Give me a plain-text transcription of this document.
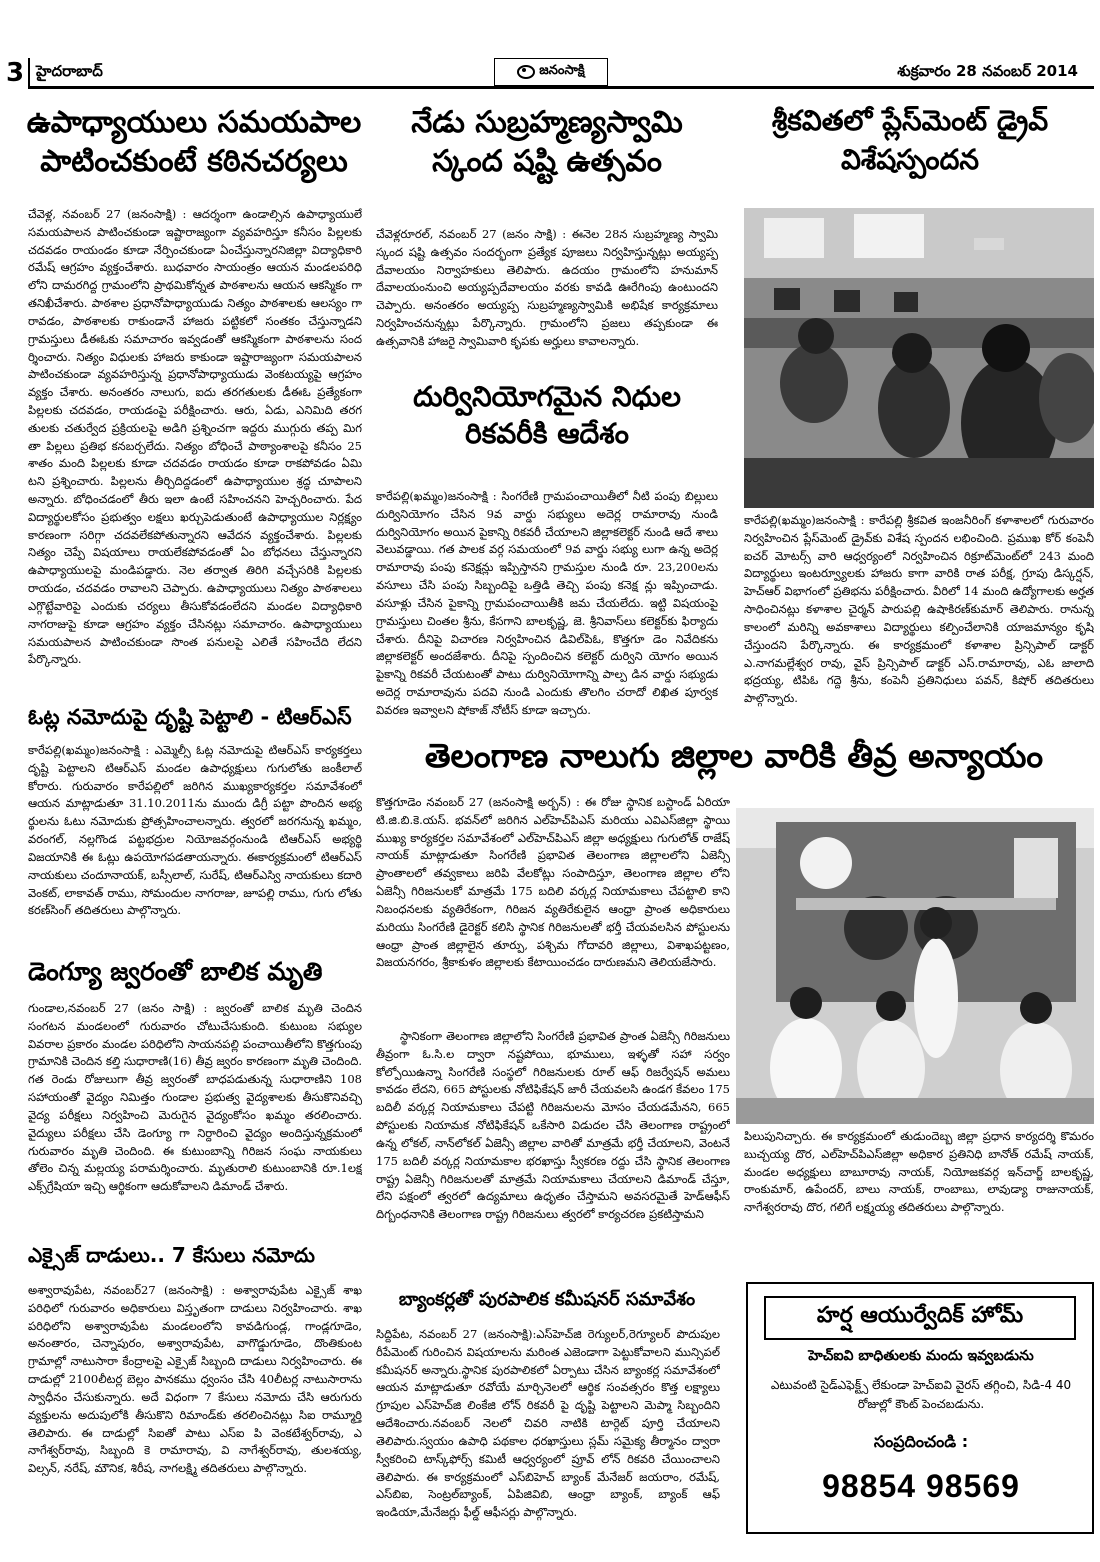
3 హైదరాబాద్	జనంసాక్షి	శుక్రవారం 28 నవంబర్ 2014
ఉపాధ్యాయులు సమయపాల
పాటించకుంటే కఠినచర్యలు

చేవెళ్ల, నవంబర్ 27 (జనంసాక్షి) : ఆదర్శంగా ఉండాల్సిన ఉపాధ్యాయులే సమయపాలన పాటించకుండా ఇష్టారాజ్యంగా వ్యవహరిస్తూ కనీసం పిల్లలకు చదవడం రాయండం కూడా నేర్పించకుండా ఏంచేస్తున్నారనిజిల్లా విద్యాధికారి రమేష్ ఆగ్రహం వ్యక్తంచేశారు. బుధవారం సాయంత్రం ఆయన మండలపరిధి లోని దామరగిద్ద గ్రామంలోని ప్రాథమికోన్నత పాఠశాలను ఆయన ఆకస్మికం గా తనిఖీచేశారు. పాఠశాల ప్రధానోపాధ్యాయుడు నిత్యం పాఠశాలకు ఆలస్యం గా రావడం, పాఠశాలకు రాకుండానే హాజరు పట్టికలో సంతకం చేస్తున్నాడని గ్రామస్తులు డీఈఓకు సమాచారం ఇవ్వడంతో ఆకస్మికంగా పాఠశాలను సంద ర్శించారు. నిత్యం విధులకు హాజరు కాకుండా ఇష్టారాజ్యంగా సమయపాలన పాటించకుండా వ్యవహరిస్తున్న ప్రధానోపాధ్యాయుడు వెంకటయ్యపై ఆగ్రహం వ్యక్తం చేశారు. అనంతరం నాలుగు, ఐదు తరగతులకు డీఈఓ ప్రత్యేకంగా పిల్లలకు చదవడం, రాయడంపై పరీక్షించారు. ఆరు, ఏడు, ఎనిమిది తరగ తులకు చతుర్వేద ప్రక్రియలపై అడిగి ప్రశ్నించగా ఇద్దరు ముగ్గురు తప్ప మిగ తా పిల్లలు ప్రతిభ కనబర్చలేదు. నిత్యం బోధించే పాఠ్యాంశాలపై కనీసం 25 శాతం మంది పిల్లలకు కూడా చదవడం రాయడం కూడా రాకపోవడం ఏమి టని ప్రశ్నించారు. పిల్లలను తీర్చిదిద్దడంలో ఉపాధ్యాయుల శ్రద్ధ చూపాలని అన్నారు. బోధించడంలో తీరు ఇలా ఉంటే సహించనని హెచ్చరించారు. పేద విద్యార్థులకోసం ప్రభుత్వం లక్షలు ఖర్చుపెడుతుంటే ఉపాధ్యాయుల నిర్లక్ష్యం కారణంగా సరిగ్గా చదవలేకపోతున్నారని ఆవేదన వ్యక్తంచేశారు. పిల్లలకు నిత్యం చెప్పే విషయాలు రాయలేకపోవడంతో ఏం బోధనలు చేస్తున్నారని ఉపాధ్యాయులపై మండిపడ్డారు. నెల తర్వాత తిరిగి వచ్చేసరికి పిల్లలకు రాయడం, చదవడం రావాలని చెప్పారు. ఉపాధ్యాయులు నిత్యం పాఠశాలలు ఎగ్గొట్టేవారిపై ఎందుకు చర్యలు తీసుకోవడంలేదని మండల విద్యాధికారి నాగరాజుపై కూడా ఆగ్రహం వ్యక్తం చేసినట్లు సమాచారం. ఉపాధ్యాయులు సమయపాలన పాటించకుండా సొంత పనులపై ఎలితే సహించేది లేదని పేర్కొన్నారు.

ఓట్ల నమోదుపై దృష్టి పెట్టాలి - టిఆర్ఎస్

కారేపల్లి(ఖమ్మం)జనంసాక్షి : ఎమ్మెల్సీ ఓట్ల నమోదుపై టిఆర్ఎస్ కార్యకర్తలు దృష్టి పెట్టాలని టిఆర్ఎస్ మండల ఉపాధ్యక్షులు గుగులోతు జంకీలాల్ కోరారు. గురువారం కారేపల్లిలో జరిగిన ముఖ్యకార్యకర్తల సమావేశంలో ఆయన మాట్లాడుతూ 31.10.2011ను ముందు డిగ్రీ పట్టా పొందిన అభ్య ర్థులను ఓటు నమోదుకు ప్రోత్సహించాలన్నారు. త్వరలో జరగనున్న ఖమ్మం, వరంగల్, నల్లగొండ పట్టభద్రుల నియోజవర్గంనుండి టిఆర్ఎస్ అభ్యర్థి విజయానికి ఈ ఓట్లు ఉపయోగపడతాయన్నారు. ఈకార్యక్రమంలో టిఆర్ఎస్ నాయకులు చందూనాయక్, బస్సీలాల్, సురేష్, టిఆర్ఎస్వి నాయకులు కదారి వెంకట్, లాకావత్ రాము, సోమందుల నాగరాజు, జూపల్లి రాము, గుగు లోతు కరణ్‌సింగ్ తదితరులు పాల్గొన్నారు.

డెంగ్యూ జ్వరంతో బాలిక మృతి

గుండాల,నవంబర్ 27 (జనం సాక్షి) : జ్వరంతో బాలిక మృతి చెందిన సంగటన మండలంలో గురువారం చోటుచేసుకుంది. కుటుంబ సభ్యుల వివరాల ప్రకారం మండల పరిధిలోని సాయనపల్లి పంచాయితీలోని కొత్తగుంపు గ్రామానికి చెందిన కల్తి సుధారాణి(16) తీవ్ర జ్వరం కారణంగా మృతి చెందింది. గత రెండు రోజులుగా తీవ్ర జ్వరంతో బాధపడుతున్న సుధారాణిని 108 సహాయంతో వైద్యం నిమిత్తం గుండాల ప్రభుత్వ వైద్యశాలకు తీసుకొనివచ్చి వైద్య పరీక్షలు నిర్వహించి మెరుగైన వైద్యంకోసం ఖమ్మం తరలించారు. వైద్యులు పరీక్షలు చేసి డెంగ్యూ గా నిర్దారించి వైద్యం అందిస్తున్నక్రమంలో గురువారం మృతి చెందింది. ఈ కుటుంబాన్ని గిరిజన సంఘ నాయకులు తోలెం చిన్న మల్లయ్య పరామర్శించారు. మృతురాలి కుటుంబానికి రూ.1లక్ష ఎక్స్‌గ్రేషియా ఇచ్చి ఆర్థికంగా ఆదుకోవాలని డిమాండ్ చేశారు.

ఎక్సైజ్ దాడులు.. 7 కేసులు నమోదు

అశ్వారావుపేట, నవంబర్27 (జనంసాక్షి) : అశ్వారావుపేట ఎక్సైజ్ శాఖ పరిధిలో గురువారం అధికారులు విస్తృతంగా దాడులు నిర్వహించారు. శాఖ పరిధిలోని అశ్వారావుపేట మండలంలోని కావడిగుండ్ల, గాండ్లగూడెం, అనంతారం, చెన్నాపురం, అశ్వారావుపేట, వాగొడ్డుగూడెం, దొంతికుంట గ్రామాల్లో నాటుసారా కేంద్రాలపై ఎక్సైజ్ సిబ్బంది దాడులు నిర్వహించారు. ఈ దాడుల్లో 2100లీటర్ల బెల్లం పానకము ధ్వంసం చేసి 40లీటర్ల నాటుసారాను స్వాధీనం చేసుకున్నారు. అదే విధంగా 7 కేసులు నమోదు చేసి ఆరుగురు వ్యక్తులను అదుపులోకి తీసుకొని రిమాండ్‌కు తరలించినట్లు సిఐ రామ్మూర్తి తెలిపారు. ఈ దాడుల్లో సిఐతో పాటు ఎస్ఐ పి వెంకటేశ్వర్‌రావు, ఎ నాగేశ్వర్‌రావు, సిబ్బంది కె రామారావు, వి నాగేశ్వర్‌రావు, తులశయ్య, విల్సన్, నరేష్, మౌనిక, శిరీష, నాగలక్ష్మి తదితరులు పాల్గొన్నారు.

నేడు సుబ్రహ్మణ్యస్వామి
స్కంద షష్టి ఉత్సవం

చేవెళ్లరూరల్, నవంబర్ 27 (జనం సాక్షి) : ఈనెల 28న సుబ్రహ్మణ్య స్వామి స్కంద షష్టి ఉత్సవం సందర్భంగా ప్రత్యేక పూజలు నిర్వహిస్తున్నట్లు అయ్యప్ప దేవాలయం నిర్వాహకులు తెలిపారు. ఉదయం గ్రామంలోని హనుమాన్ దేవాలయంనుంచి అయ్యప్పదేవాలయం వరకు కావడి ఊరేగింపు ఉంటుందని చెప్పారు. అనంతరం అయ్యప్ప సుబ్రహ్మణ్యస్వామికి అభిషేక కార్యక్రమాలు నిర్వహించనున్నట్లు పేర్కొన్నారు. గ్రామంలోని ప్రజలు తప్పకుండా ఈ ఉత్సవానికి హాజరై స్వామివారి కృపకు అర్హులు కావాలన్నారు.

దుర్వినియోగమైన నిధుల
రికవరీకి ఆదేశం

కారేపల్లి(ఖమ్మం)జనంసాక్షి : సింగరేణి గ్రామపంచాయితీలో నీటి పంపు బిల్లులు దుర్వినియోగం చేసిన 9వ వార్డు సభ్యులు అదెర్ల రామారావు నుండి దుర్వినియోగం అయిన పైకాన్ని రికవరీ చేయాలని జిల్లాకలెక్టర్ నుండి ఆదే శాలు వెలువడ్డాయి. గత పాలక వర్గ సమయంలో 9వ వార్డు సభ్యు లుగా ఉన్న అదెర్ల రామారావు పంపు కనెక్షన్లు ఇప్పిస్తానని గ్రామస్తుల నుండి రూ. 23,200లను వసూలు చేసి పంపు సిబ్బందిపై ఒత్తిడి తెచ్చి పంపు కనెక్ష న్లు ఇప్పించాడు. వసూళ్లు చేసిన పైకాన్ని గ్రామపంచాయితీకి జమ చేయలేదు. ఇట్టి విషయంపై గ్రామస్తులు చింతల శ్రీను, కేసగాని బాలకృష్ణ, జె. శ్రీనివాస్‌లు కలెక్టర్‌కు ఫిర్యాదు చేశారు. దీనిపై విచారణ నిర్వహించిన డివిల్‌పిఓ, కొత్తగూ డెం నివేదికను జిల్లాకలెక్టర్ అందజేశారు. దీనిపై స్పందించిన కలెక్టర్ దుర్విని యోగం అయిన పైకాన్ని రికవరీ చేయటంతో పాటు దుర్వినియోగాన్ని పాల్ప డిన వార్డు సభ్యుడు అదెర్ల రామారావును పదవి నుండి ఎందుకు తొలగిం చరాదో లిఖిత పూర్వక వివరణ ఇవ్వాలని షోకాజ్ నోటీస్ కూడా ఇచ్చారు.

శ్రీకవితలో ప్లేస్‌మెంట్ డ్రైవ్
విశేషస్పందన

కారేపల్లి(ఖమ్మం)జనంసాక్షి : కారేపల్లి శ్రీకవిత ఇంజనీరింగ్ కళాశాలలో గురువారం నిర్వహించిన ప్లేస్‌మెంట్ డ్రైవ్‌కు విశేష స్పందన లభించింది. ప్రముఖ కోర్ కంపెనీ ఐచర్ మోటర్స్ వారి ఆధ్వర్యంలో నిర్వహించిన రిక్రూట్‌మెంట్‌లో 243 మంది విద్యార్థులు ఇంటర్వ్యూలకు హాజరు కాగా వారికి రాత పరీక్ష, గ్రూపు డిస్కర్షన్, హెచ్‌ఆర్ విభాగంలో ప్రతిభను పరీక్షించారు. వీరిలో 14 మంది ఉద్యోగాలకు అర్హత సాధించినట్లు కళాశాల చైర్మన్ పారుపల్లి ఉషాకిరణ్‌కుమార్ తెలిపారు. రానున్న కాలంలో మరిన్ని అవకాశాలు విద్యార్థులు కల్పించేలానికి యాజమాన్యం కృషి చేస్తుందని పేర్కొన్నారు. ఈ కార్యక్రమంలో కళాశాల ప్రిన్సిపాల్ డాక్టర్ ఎ.నాగమల్లేశ్వర రావు, వైస్ ప్రిన్సిపాల్ డాక్టర్ ఎస్.రామారావు, ఎఓ జాలాది భద్రయ్య, టిపిఓ గద్దె శ్రీను, కంపెనీ ప్రతినిధులు పవన్, కిషోర్ తదితరులు పాల్గొన్నారు.

తెలంగాణ నాలుగు జిల్లాల వారికి తీవ్ర అన్యాయం

కొత్తగూడెం నవంబర్ 27 (జనంసాక్షి అర్బన్) : ఈ రోజు స్థానిక బస్టాండ్ ఏరియా టి.జి.బి.కె.యస్. భవన్‌లో జరిగిన ఎల్‌హెచ్‌పిఎస్ మరియు ఎవిఎస్‌జిల్లా స్థాయి ముఖ్య కార్యకర్తల సమావేశంలో ఎల్‌హెచ్‌పిఎస్ జిల్లా అధ్యక్షులు గుగులోత్ రాజేష్ నాయక్ మాట్లాడుతూ సింగరేణి ప్రభావిత తెలంగాణ జిల్లాలలోని ఏజెన్సీ ప్రాంతాలలో తవ్వకాలు జరిపి వేలకోట్లు సంపాదిస్తూ, తెలంగాణ జిల్లాల లోని ఏజెన్సీ గిరిజనులకో మాత్రమే 175 బదిలి వర్కర్ల నియామకాలు చేపట్టాలి కాని నిబంధనలకు వ్యతిరేకంగా, గిరిజన వ్యతిరేకులైన ఆంధ్రా ప్రాంత అధికారులు మరియు సింగరేణి డైరెక్టర్ కలిసి స్థానిక గిరిజనులతో భర్తీ చేయవలసిన పోస్టులను ఆంధ్రా ప్రాంత జిల్లాలైన తూర్పు, పశ్చిమ గోదావరి జిల్లాలు, విశాఖపట్టణం, విజయనగరం, శ్రీకాకుళం జిల్లాలకు కేటాయించడం దారుణమని తెలియజేసారు.

స్థానికంగా తెలంగాణ జిల్లాలోని సింగరేణి ప్రభావిత ప్రాంత ఏజెన్సీ గిరిజనులు తీవ్రంగా ఓ.సి.ల ద్వారా నష్టపోయి, భూములు, ఇళ్ళతో సహా సర్వం కోల్పోయిఉన్నా సింగరేణి సంస్థలో గిరిజనులకు రూల్ ఆఫ్ రిజర్వేషన్ అమలు కావడం లేదని, 665 పోస్టులకు నోటిఫికేషన్ జారీ చేయవలసి ఉండగ కేవలం 175 బదిలీ వర్కర్ల నియామకాలు చేపట్టి గిరిజనులను మోసం చేయడమేనని, 665 పోస్టులకు నియామక నోటిఫికేషన్ ఒకేసారి విడుదల చేసి తెలంగాణ రాష్ట్రంలో ఉన్న లోకల్, నాన్‌లోకల్ ఏజెన్సీ జిల్లాల వారితో మాత్రమే భర్తీ చేయాలని, వెంటనే 175 బదిలీ వర్కర్ల నియామకాల భరఖాస్తు స్వీకరణ రద్దు చేసి స్థానిక తెలంగాణ రాష్ట్ర ఏజెన్సీ గిరిజనులతో మాత్రమే నియామకాలు చేయాలని డిమాండ్ చేస్తూ, లేని పక్షంలో త్వరలో ఉద్యమాలు ఉధృతం చేస్తామని అవసరమైతే హెడ్‌ఆఫీస్ దిగ్బంధనానికి తెలంగాణ రాష్ట్ర గిరిజనులు త్వరలో కార్యచరణ ప్రకటిస్తామని

పిలుపునిచ్చారు. ఈ కార్యక్రమంలో తుడుందెబ్బ జిల్లా ప్రధాన కార్యదర్శి కొమరం బుచ్చయ్య దొర, ఎల్‌హెచ్‌పిఎస్‌జిల్లా అధికార ప్రతినిధి బానోత్ రమేష్ నాయక్, మండల అధ్యక్షులు బాబూరావు నాయక్, నియోజకవర్గ ఇన్‌చార్జ్ బాలకృష్ణ, రాంకుమార్, ఉపేందర్, బాలు నాయక్, రాంబాబు, లావుడ్యా రాజునాయక్, నాగేశ్వరరావు దొర, గలిగే లక్ష్మయ్య తదితరులు పాల్గొన్నారు.

బ్యాంకర్లతో పురపాలిక కమీషనర్ సమావేశం

సిద్దిపేట, నవంబర్ 27 (జనంసాక్షి):ఎస్‌హెచ్‌జి రెగ్యులర్,రెగ్యూలర్ పొదుపుల రీపేమెంట్ గురించిన విషయాలను మరింత ఎజెండాగా పెట్టుకోవాలని మున్సిపల్ కమీషనర్ అన్నారు.స్థానిక పురపాలికలో ఏర్పాటు చేసిన బ్యాంకర్ల సమావేశంలో ఆయన మాట్లాడుతూ రవోయే మార్చినెలలో ఆర్థిక సంవత్సరం కొత్త లక్ష్యాలు గ్రూపుల ఎస్‌హెచ్‌జి లింకేజి లోన్ రికవరీ పై దృష్టి పెట్టాలని మెప్మా సిబ్బందిని ఆదేశించారు.నవంబర్ నెలలో చివరి నాటికి టార్గెట్ పూర్తి చేయాలని తెలిపారు.స్వయం ఉపాధి పథకాల ధరఖాస్తులు స్లమ్ సమైక్య తీర్మానం ద్వారా స్వీకరించి టాస్క్‌ఫోర్స్ కమిటీ ఆధ్వర్యంలో ప్రూవ్ లోన్ రికవరి చేయించాలని తెలిపారు. ఈ కార్యక్రమంలో ఎస్‌బిహెచ్ బ్యాంక్ మేనేజర్ జయరాం, రమేష్, ఎస్‌బిఐ, సెంట్రల్‌బ్యాంక్, ఏపిజివిబి, ఆంధ్రా బ్యాంక్, బ్యాంక్ ఆఫ్ ఇండియా,మేనేజర్లు ఫీల్డ్ ఆఫీసర్లు పాల్గొన్నారు.

హర్ష ఆయుర్వేదిక్ హోమ్
హెచ్‌ఐవి బాధితులకు మందు ఇవ్వబడును
ఎటువంటి సైడ్‌ఎఫెక్ట్స్ లేకుండా హెచ్‌ఐవి వైరస్ తగ్గించి, సిడి-4 40 రోజుల్లో కౌంట్ పెంచబడును.
సంప్రదించండి :
98854 98569
